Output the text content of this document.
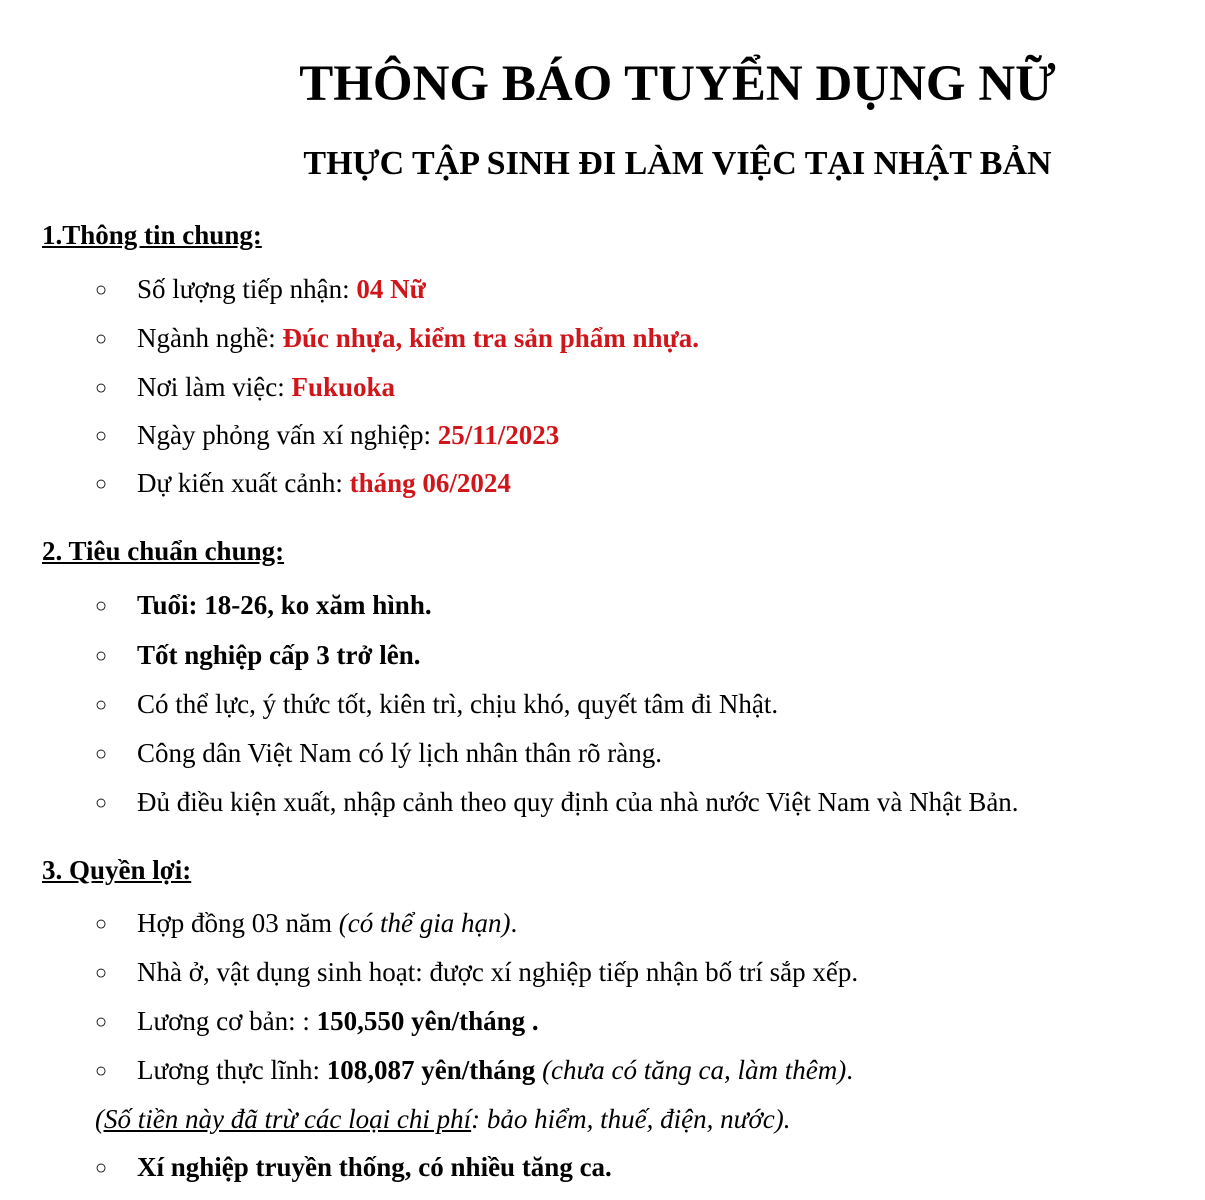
THÔNG BÁO TUYỂN DỤNG NỮ
THỰC TẬP SINH ĐI LÀM VIỆC TẠI NHẬT BẢN
1.Thông tin chung:
○ Số lượng tiếp nhận: 04 Nữ
○ Ngành nghề: Đúc nhựa, kiểm tra sản phẩm nhựa.
○ Nơi làm việc: Fukuoka
○ Ngày phỏng vấn xí nghiệp: 25/11/2023
○ Dự kiến xuất cảnh: tháng 06/2024
2. Tiêu chuẩn chung:
○ Tuổi: 18-26, ko xăm hình.
○ Tốt nghiệp cấp 3 trở lên.
○ Có thể lực, ý thức tốt, kiên trì, chịu khó, quyết tâm đi Nhật.
○ Công dân Việt Nam có lý lịch nhân thân rõ ràng.
○ Đủ điều kiện xuất, nhập cảnh theo quy định của nhà nước Việt Nam và Nhật Bản.
3. Quyền lợi:
○ Hợp đồng 03 năm (có thể gia hạn).
○ Nhà ở, vật dụng sinh hoạt: được xí nghiệp tiếp nhận bố trí sắp xếp.
○ Lương cơ bản: : 150,550 yên/tháng .
○ Lương thực lĩnh: 108,087 yên/tháng (chưa có tăng ca, làm thêm).
(Số tiền này đã trừ các loại chi phí: bảo hiểm, thuế, điện, nước).
○ Xí nghiệp truyền thống, có nhiều tăng ca.
